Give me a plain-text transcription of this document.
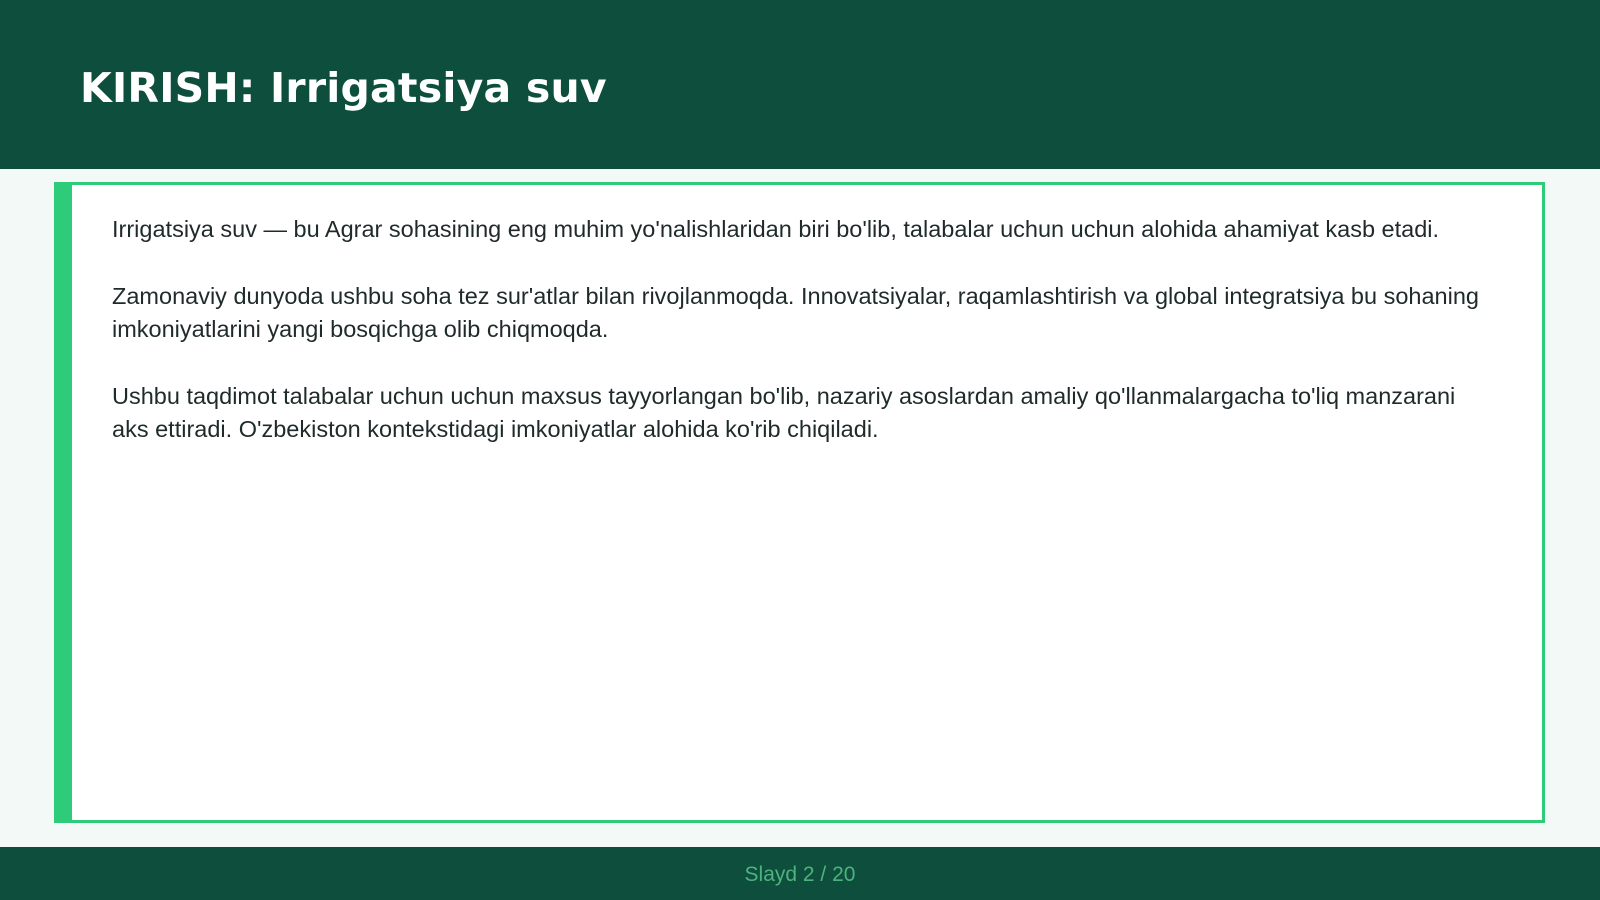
KIRISH: Irrigatsiya suv

Irrigatsiya suv — bu Agrar sohasining eng muhim yo'nalishlaridan biri bo'lib, talabalar uchun uchun alohida ahamiyat kasb etadi.

Zamonaviy dunyoda ushbu soha tez sur'atlar bilan rivojlanmoqda. Innovatsiyalar, raqamlashtirish va global integratsiya bu sohaning imkoniyatlarini yangi bosqichga olib chiqmoqda.

Ushbu taqdimot talabalar uchun uchun maxsus tayyorlangan bo'lib, nazariy asoslardan amaliy qo'llanmalargacha to'liq manzarani aks ettiradi. O'zbekiston kontekstidagi imkoniyatlar alohida ko'rib chiqiladi.

Slayd 2 / 20
